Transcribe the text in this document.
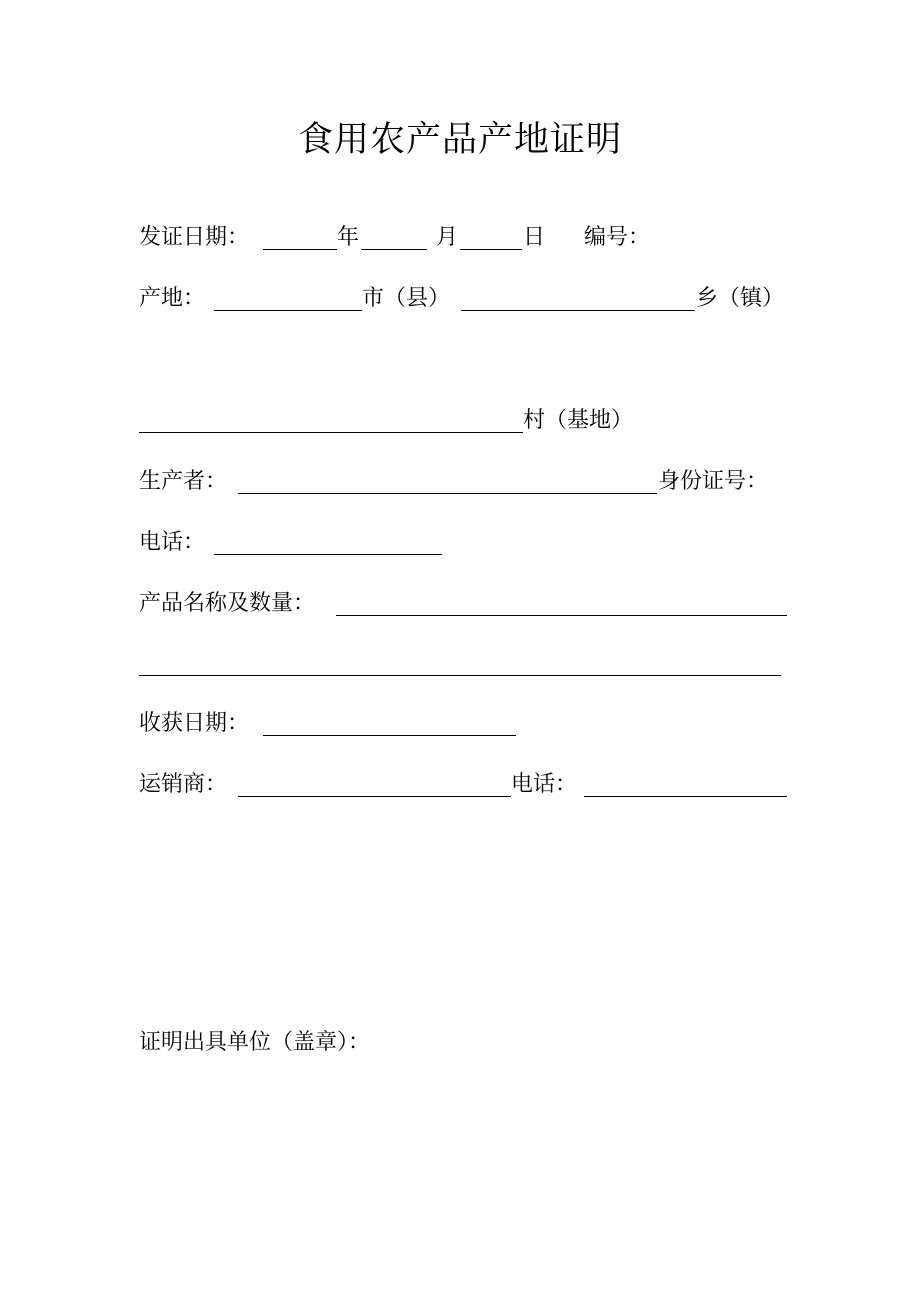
食用农产品产地证明
发证日期：	年	月	日 编号：
产地：	市（县）	乡（镇）
村（基地）
生产者：	身份证号：
电话：
产品名称及数量：
收获日期：
运销商：	电话：
证明出具单位（盖章）：
